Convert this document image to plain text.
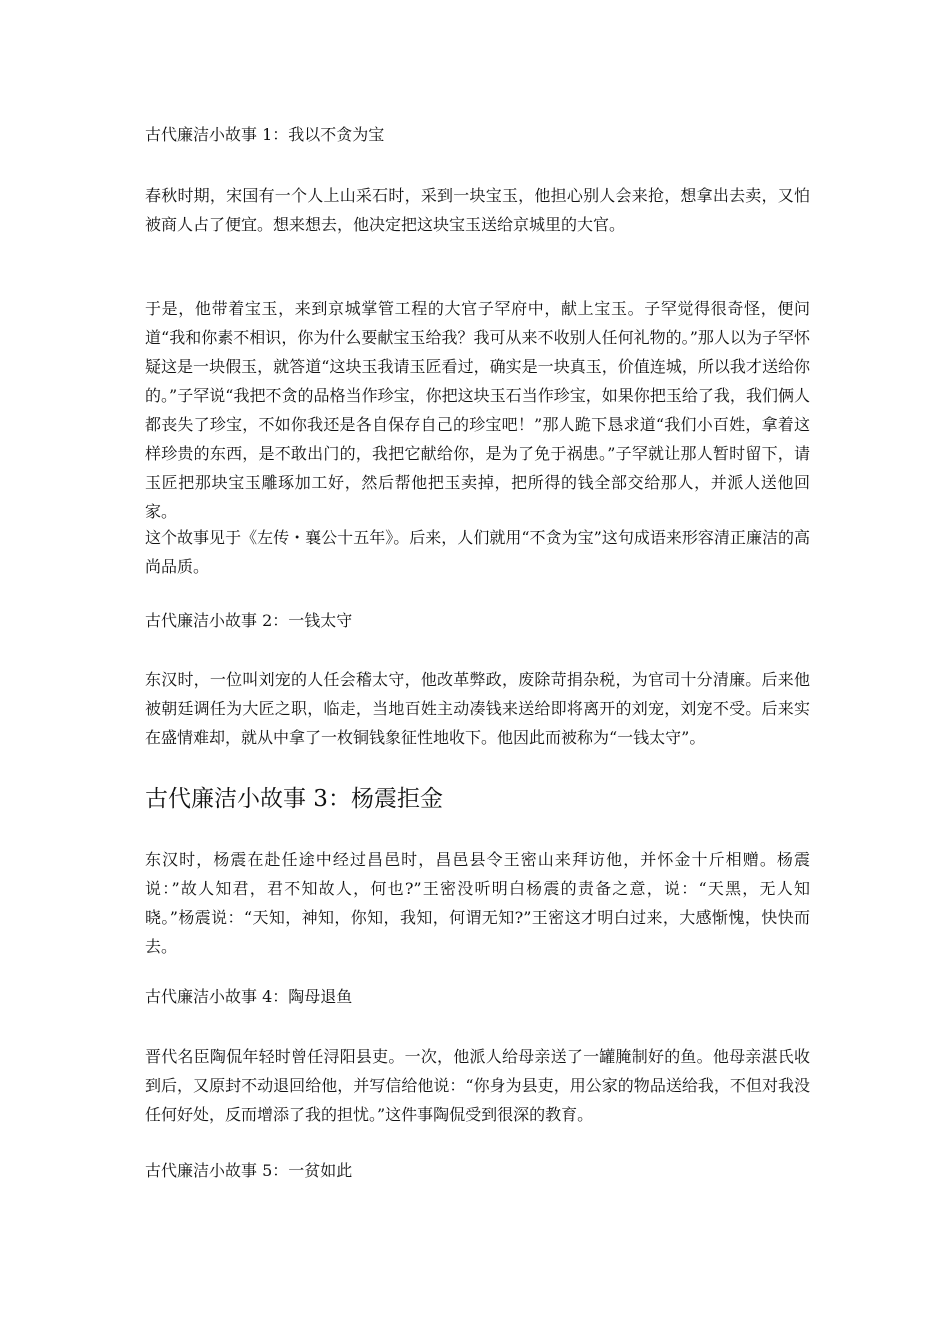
古代廉洁小故事 1：我以不贪为宝
春秋时期，宋国有一个人上山采石时，采到一块宝玉，他担心别人会来抢，想拿出去卖，又怕被商人占了便宜。想来想去，他决定把这块宝玉送给京城里的大官。
于是，他带着宝玉，来到京城掌管工程的大官子罕府中，献上宝玉。子罕觉得很奇怪，便问道“我和你素不相识，你为什么要献宝玉给我？我可从来不收别人任何礼物的。”那人以为子罕怀疑这是一块假玉，就答道“这块玉我请玉匠看过，确实是一块真玉，价值连城，所以我才送给你的。”子罕说“我把不贪的品格当作珍宝，你把这块玉石当作珍宝，如果你把玉给了我，我们俩人都丧失了珍宝，不如你我还是各自保存自己的珍宝吧！”那人跪下恳求道“我们小百姓，拿着这样珍贵的东西，是不敢出门的，我把它献给你，是为了免于祸患。”子罕就让那人暂时留下，请玉匠把那块宝玉雕琢加工好，然后帮他把玉卖掉，把所得的钱全部交给那人，并派人送他回家。
这个故事见于《左传・襄公十五年》。后来，人们就用“不贪为宝”这句成语来形容清正廉洁的高尚品质。
古代廉洁小故事 2：一钱太守
东汉时，一位叫刘宠的人任会稽太守，他改革弊政，废除苛捐杂税，为官司十分清廉。后来他被朝廷调任为大匠之职，临走，当地百姓主动凑钱来送给即将离开的刘宠，刘宠不受。后来实在盛情难却，就从中拿了一枚铜钱象征性地收下。他因此而被称为“一钱太守”。
古代廉洁小故事 3：杨震拒金
东汉时，杨震在赴任途中经过昌邑时，昌邑县令王密山来拜访他，并怀金十斤相赠。杨震说：”故人知君，君不知故人，何也?”王密没听明白杨震的责备之意，说：“天黑，无人知晓。”杨震说：“天知，神知，你知，我知，何谓无知?”王密这才明白过来，大感惭愧，快快而去。
古代廉洁小故事 4：陶母退鱼
晋代名臣陶侃年轻时曾任浔阳县吏。一次，他派人给母亲送了一罐腌制好的鱼。他母亲湛氏收到后，又原封不动退回给他，并写信给他说：“你身为县吏，用公家的物品送给我，不但对我没任何好处，反而增添了我的担忧。”这件事陶侃受到很深的教育。
古代廉洁小故事 5：一贫如此
